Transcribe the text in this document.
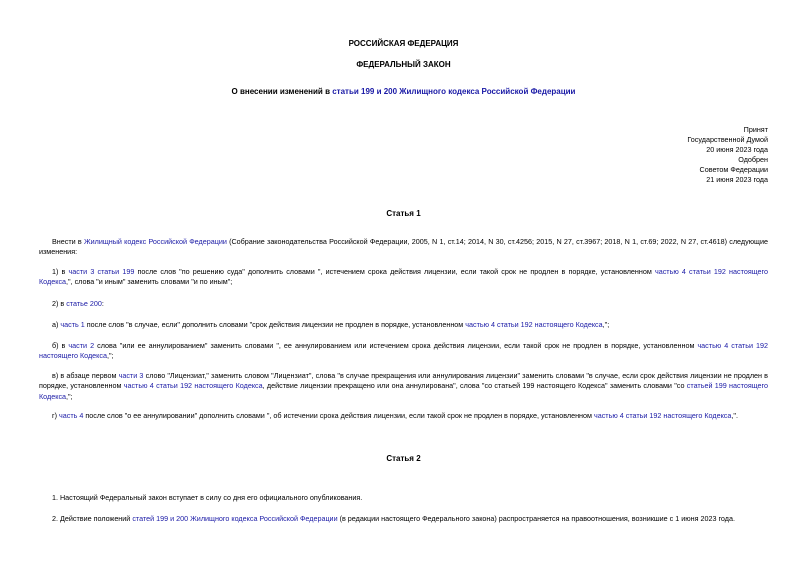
РОССИЙСКАЯ ФЕДЕРАЦИЯ
ФЕДЕРАЛЬНЫЙ ЗАКОН
О внесении изменений в статьи 199 и 200 Жилищного кодекса Российской Федерации
Принят
Государственной Думой
20 июня 2023 года
Одобрен
Советом Федерации
21 июня 2023 года
Статья 1
Внести в Жилищный кодекс Российской Федерации (Собрание законодательства Российской Федерации, 2005, N 1, ст.14; 2014, N 30, ст.4256; 2015, N 27, ст.3967; 2018, N 1, ст.69; 2022, N 27, ст.4618) следующие изменения:
1) в части 3 статьи 199 после слов "по решению суда" дополнить словами ", истечением срока действия лицензии, если такой срок не продлен в порядке, установленном частью 4 статьи 192 настоящего Кодекса,", слова "и иным" заменить словами "и по иным";
2) в статье 200:
а) часть 1 после слов "в случае, если" дополнить словами "срок действия лицензии не продлен в порядке, установленном частью 4 статьи 192 настоящего Кодекса,";
б) в части 2 слова "или ее аннулированием" заменить словами ", ее аннулированием или истечением срока действия лицензии, если такой срок не продлен в порядке, установленном частью 4 статьи 192 настоящего Кодекса,";
в) в абзаце первом части 3 слово "Лицензиат," заменить словом "Лицензиат", слова "в случае прекращения или аннулирования лицензии" заменить словами "в случае, если срок действия лицензии не продлен в порядке, установленном частью 4 статьи 192 настоящего Кодекса, действие лицензии прекращено или она аннулирована", слова "со статьей 199 настоящего Кодекса" заменить словами "со статьей 199 настоящего Кодекса,";
г) часть 4 после слов "о ее аннулировании" дополнить словами ", об истечении срока действия лицензии, если такой срок не продлен в порядке, установленном частью 4 статьи 192 настоящего Кодекса,".
Статья 2
1. Настоящий Федеральный закон вступает в силу со дня его официального опубликования.
2. Действие положений статей 199 и 200 Жилищного кодекса Российской Федерации (в редакции настоящего Федерального закона) распространяется на правоотношения, возникшие с 1 июня 2023 года.
